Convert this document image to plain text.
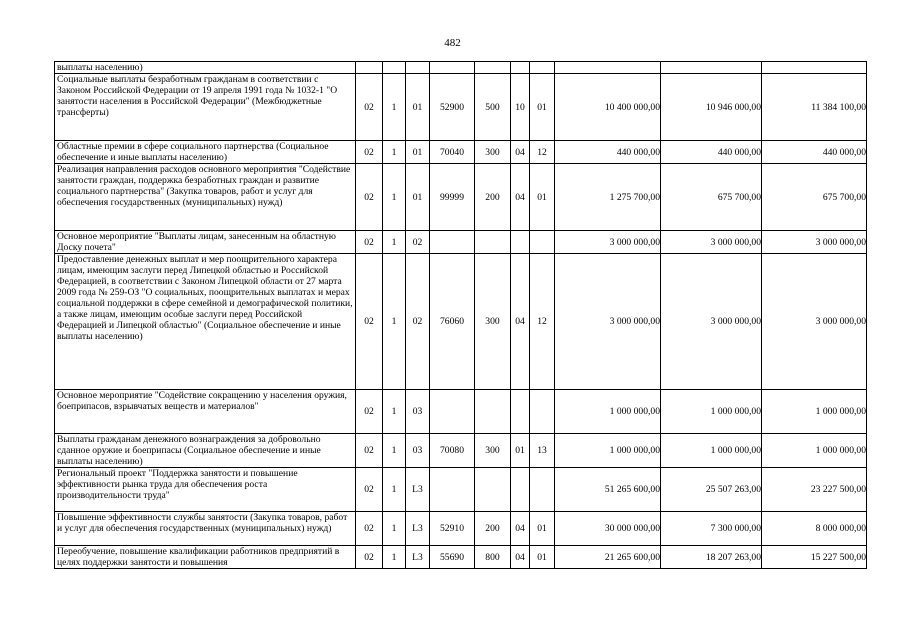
482
выплаты населению)										
Социальные выплаты безработным гражданам в соответствии с Законом Российской Федерации от 19 апреля 1991 года № 1032-1 "О занятости населения в Российской Федерации" (Межбюджетные трансферты)	02	1	01	52900	500	10	01	10 400 000,00	10 946 000,00	11 384 100,00
Областные премии в сфере социального партнерства (Социальное обеспечение и иные выплаты населению)	02	1	01	70040	300	04	12	440 000,00	440 000,00	440 000,00
Реализация направления расходов основного мероприятия "Содействие занятости граждан, поддержка безработных граждан и развитие социального партнерства" (Закупка товаров, работ и услуг для обеспечения государственных (муниципальных) нужд)	02	1	01	99999	200	04	01	1 275 700,00	675 700,00	675 700,00
Основное мероприятие "Выплаты лицам, занесенным на областную Доску почета"	02	1	02					3 000 000,00	3 000 000,00	3 000 000,00
Предоставление денежных выплат и мер поощрительного характера лицам, имеющим заслуги перед Липецкой областью и Российской Федерацией, в соответствии с Законом Липецкой области от 27 марта 2009 года № 259-ОЗ "О социальных, поощрительных выплатах и мерах социальной поддержки в сфере семейной и демографической политики, а также лицам, имеющим особые заслуги перед Российской Федерацией и Липецкой областью" (Социальное обеспечение и иные выплаты населению)	02	1	02	76060	300	04	12	3 000 000,00	3 000 000,00	3 000 000,00
Основное мероприятие "Содействие сокращению у населения оружия, боеприпасов, взрывчатых веществ и материалов"	02	1	03					1 000 000,00	1 000 000,00	1 000 000,00
Выплаты гражданам денежного вознаграждения за добровольно сданное оружие и боеприпасы (Социальное обеспечение и иные выплаты населению)	02	1	03	70080	300	01	13	1 000 000,00	1 000 000,00	1 000 000,00
Региональный проект "Поддержка занятости и повышение эффективности рынка труда для обеспечения роста производительности труда"	02	1	L3					51 265 600,00	25 507 263,00	23 227 500,00
Повышение эффективности службы занятости (Закупка товаров, работ и услуг для обеспечения государственных (муниципальных) нужд)	02	1	L3	52910	200	04	01	30 000 000,00	7 300 000,00	8 000 000,00
Переобучение, повышение квалификации работников предприятий в целях поддержки занятости и повышения	02	1	L3	55690	800	04	01	21 265 600,00	18 207 263,00	15 227 500,00
